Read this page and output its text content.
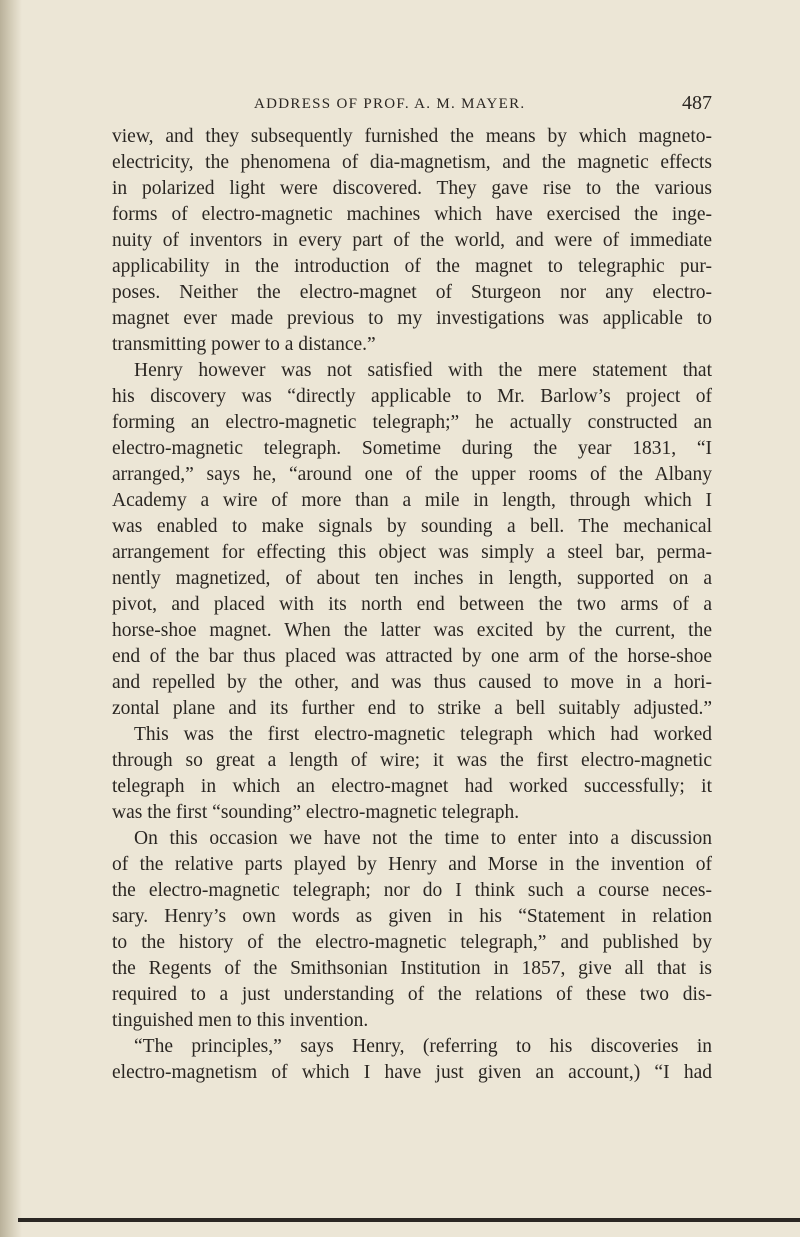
ADDRESS OF PROF. A. M. MAYER.	487
view, and they subsequently furnished the means by which magneto-
electricity, the phenomena of dia-magnetism, and the magnetic effects
in polarized light were discovered. They gave rise to the various
forms of electro-magnetic machines which have exercised the inge-
nuity of inventors in every part of the world, and were of immediate
applicability in the introduction of the magnet to telegraphic pur-
poses. Neither the electro-magnet of Sturgeon nor any electro-
magnet ever made previous to my investigations was applicable to
transmitting power to a distance.”
Henry however was not satisfied with the mere statement that
his discovery was “directly applicable to Mr. Barlow’s project of
forming an electro-magnetic telegraph;” he actually constructed an
electro-magnetic telegraph. Sometime during the year 1831, “I
arranged,” says he, “around one of the upper rooms of the Albany
Academy a wire of more than a mile in length, through which I
was enabled to make signals by sounding a bell. The mechanical
arrangement for effecting this object was simply a steel bar, perma-
nently magnetized, of about ten inches in length, supported on a
pivot, and placed with its north end between the two arms of a
horse-shoe magnet. When the latter was excited by the current, the
end of the bar thus placed was attracted by one arm of the horse-shoe
and repelled by the other, and was thus caused to move in a hori-
zontal plane and its further end to strike a bell suitably adjusted.”
This was the first electro-magnetic telegraph which had worked
through so great a length of wire; it was the first electro-magnetic
telegraph in which an electro-magnet had worked successfully; it
was the first “sounding” electro-magnetic telegraph.
On this occasion we have not the time to enter into a discussion
of the relative parts played by Henry and Morse in the invention of
the electro-magnetic telegraph; nor do I think such a course neces-
sary. Henry’s own words as given in his “Statement in relation
to the history of the electro-magnetic telegraph,” and published by
the Regents of the Smithsonian Institution in 1857, give all that is
required to a just understanding of the relations of these two dis-
tinguished men to this invention.
“The principles,” says Henry, (referring to his discoveries in
electro-magnetism of which I have just given an account,) “I had
